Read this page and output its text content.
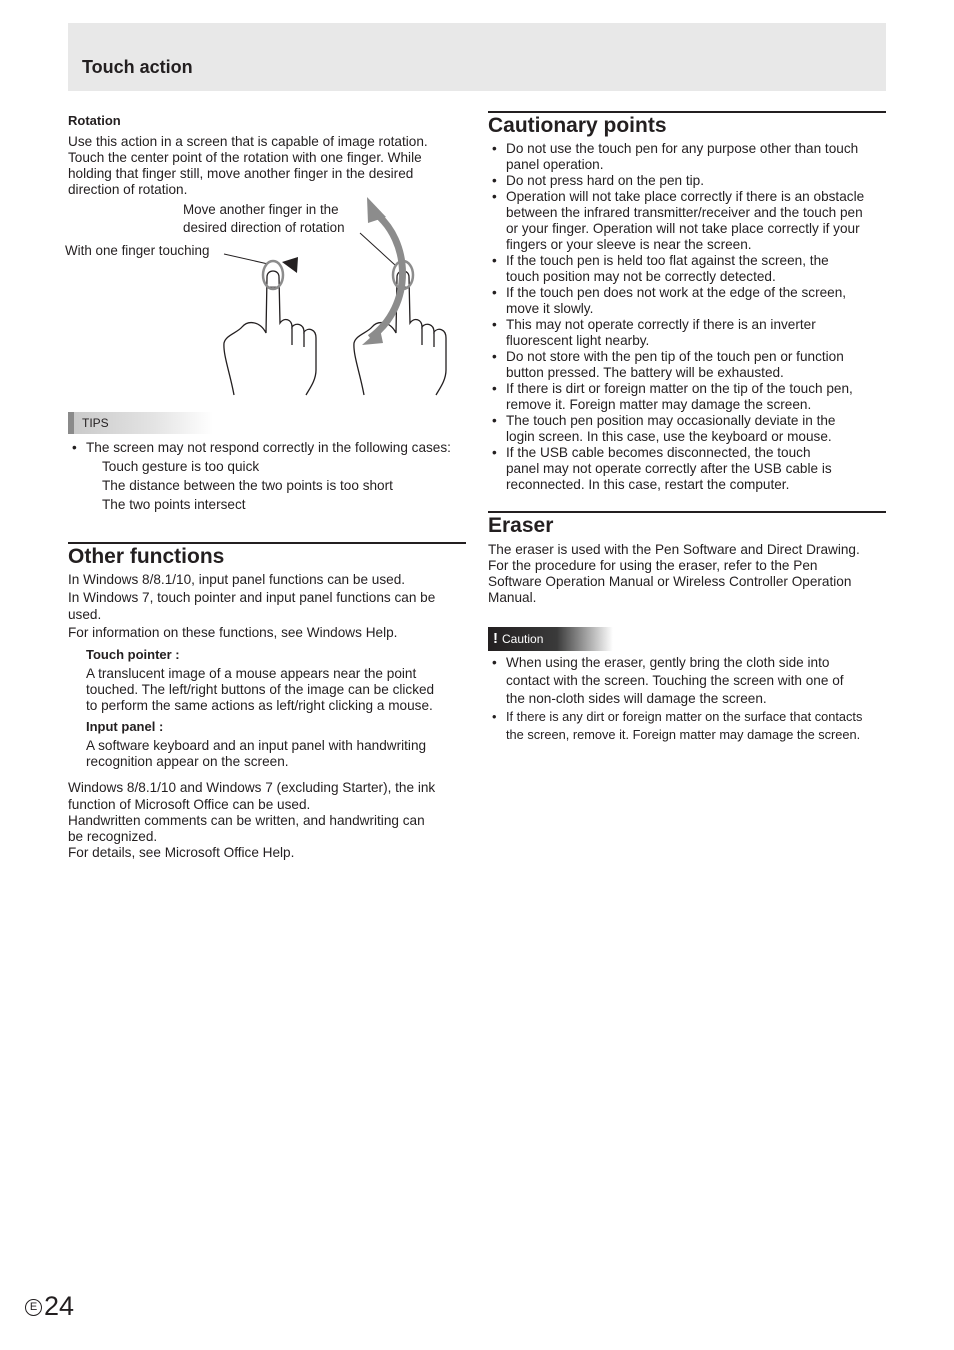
Touch action
Rotation
Use this action in a screen that is capable of image rotation.
Touch the center point of the rotation with one finger. While
holding that finger still, move another finger in the desired
direction of rotation.
Move another finger in the
desired direction of rotation
With one finger touching
TIPS
• The screen may not respond correctly in the following cases:
Touch gesture is too quick
The distance between the two points is too short
The two points intersect
Other functions
In Windows 8/8.1/10, input panel functions can be used.
In Windows 7, touch pointer and input panel functions can be
used.
For information on these functions, see Windows Help.
Touch pointer :
A translucent image of a mouse appears near the point
touched. The left/right buttons of the image can be clicked
to perform the same actions as left/right clicking a mouse.
Input panel :
A software keyboard and an input panel with handwriting
recognition appear on the screen.
Windows 8/8.1/10 and Windows 7 (excluding Starter), the ink
function of Microsoft Office can be used.
Handwritten comments can be written, and handwriting can
be recognized.
For details, see Microsoft Office Help.
Cautionary points
• Do not use the touch pen for any purpose other than touch
panel operation.
• Do not press hard on the pen tip.
• Operation will not take place correctly if there is an obstacle
between the infrared transmitter/receiver and the touch pen
or your finger. Operation will not take place correctly if your
fingers or your sleeve is near the screen.
• If the touch pen is held too flat against the screen, the
touch position may not be correctly detected.
• If the touch pen does not work at the edge of the screen,
move it slowly.
• This may not operate correctly if there is an inverter
fluorescent light nearby.
• Do not store with the pen tip of the touch pen or function
button pressed. The battery will be exhausted.
• If there is dirt or foreign matter on the tip of the touch pen,
remove it. Foreign matter may damage the screen.
• The touch pen position may occasionally deviate in the
login screen. In this case, use the keyboard or mouse.
• If the USB cable becomes disconnected, the touch
panel may not operate correctly after the USB cable is
reconnected. In this case, restart the computer.
Eraser
The eraser is used with the Pen Software and Direct Drawing.
For the procedure for using the eraser, refer to the Pen
Software Operation Manual or Wireless Controller Operation
Manual.
! Caution
• When using the eraser, gently bring the cloth side into
contact with the screen. Touching the screen with one of
the non-cloth sides will damage the screen.
• If there is any dirt or foreign matter on the surface that contacts
the screen, remove it. Foreign matter may damage the screen.
E 24
